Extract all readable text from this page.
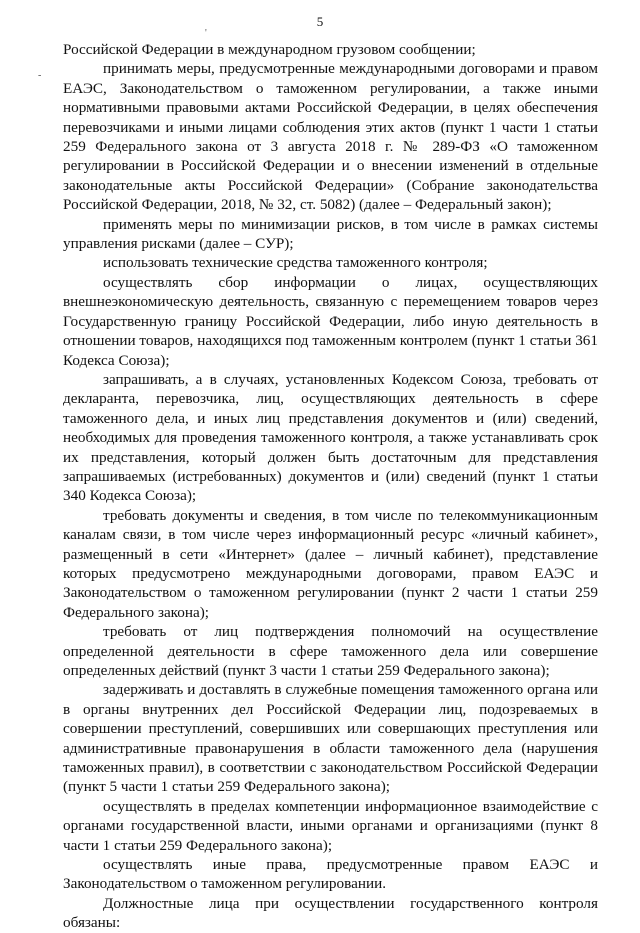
5
-
'

Российской Федерации в международном грузовом сообщении;

принимать меры, предусмотренные международными договорами и правом ЕАЭС, Законодательством о таможенном регулировании, а также иными нормативными правовыми актами Российской Федерации, в целях обеспечения перевозчиками и иными лицами соблюдения этих актов (пункт 1 части 1 статьи 259 Федерального закона от 3 августа 2018 г. № 289-ФЗ «О таможенном регулировании в Российской Федерации и о внесении изменений в отдельные законодательные акты Российской Федерации» (Собрание законодательства Российской Федерации, 2018, № 32, ст. 5082) (далее – Федеральный закон);

применять меры по минимизации рисков, в том числе в рамках системы управления рисками (далее – СУР);

использовать технические средства таможенного контроля;

осуществлять сбор информации о лицах, осуществляющих внешнеэкономическую деятельность, связанную с перемещением товаров через Государственную границу Российской Федерации, либо иную деятельность в отношении товаров, находящихся под таможенным контролем (пункт 1 статьи 361 Кодекса Союза);

запрашивать, а в случаях, установленных Кодексом Союза, требовать от декларанта, перевозчика, лиц, осуществляющих деятельность в сфере таможенного дела, и иных лиц представления документов и (или) сведений, необходимых для проведения таможенного контроля, а также устанавливать срок их представления, который должен быть достаточным для представления запрашиваемых (истребованных) документов и (или) сведений (пункт 1 статьи 340 Кодекса Союза);

требовать документы и сведения, в том числе по телекоммуникационным каналам связи, в том числе через информационный ресурс «личный кабинет», размещенный в сети «Интернет» (далее – личный кабинет), представление которых предусмотрено международными договорами, правом ЕАЭС и Законодательством о таможенном регулировании (пункт 2 части 1 статьи 259 Федерального закона);

требовать от лиц подтверждения полномочий на осуществление определенной деятельности в сфере таможенного дела или совершение определенных действий (пункт 3 части 1 статьи 259 Федерального закона);

задерживать и доставлять в служебные помещения таможенного органа или в органы внутренних дел Российской Федерации лиц, подозреваемых в совершении преступлений, совершивших или совершающих преступления или административные правонарушения в области таможенного дела (нарушения таможенных правил), в соответствии с законодательством Российской Федерации (пункт 5 части 1 статьи 259 Федерального закона);

осуществлять в пределах компетенции информационное взаимодействие с органами государственной власти, иными органами и организациями (пункт 8 части 1 статьи 259 Федерального закона);

осуществлять иные права, предусмотренные правом ЕАЭС и Законодательством о таможенном регулировании.

Должностные лица при осуществлении государственного контроля обязаны:
